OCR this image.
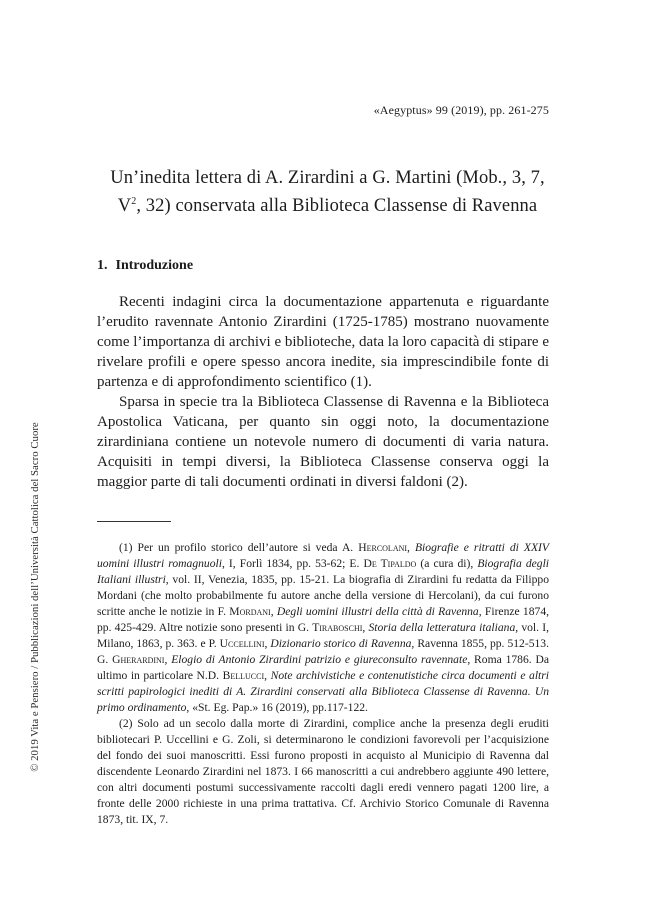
«Aegyptus» 99 (2019), pp. 261-275
Un’inedita lettera di A. Zirardini a G. Martini (Mob., 3, 7,
$V^2$, 32) conservata alla Biblioteca Classense di Ravenna
1. Introduzione

Recenti indagini circa la documentazione appartenuta e riguardante l’erudito ravennate Antonio Zirardini (1725-1785) mostrano nuovamente come l’importanza di archivi e biblioteche, data la loro capacità di stipare e rivelare profili e opere spesso ancora inedite, sia imprescindibile fonte di partenza e di approfondimento scientifico (1).

Sparsa in specie tra la Biblioteca Classense di Ravenna e la Biblioteca Apostolica Vaticana, per quanto sin oggi noto, la documentazione zirardiniana contiene un notevole numero di documenti di varia natura. Acquisiti in tempi diversi, la Biblioteca Classense conserva oggi la maggior parte di tali documenti ordinati in diversi faldoni (2).

(1) Per un profilo storico dell’autore si veda A. Hercolani, Biografie e ritratti di XXIV uomini illustri romagnuoli, I, Forlì 1834, pp. 53-62; E. De Tipaldo (a cura di), Biografia degli Italiani illustri, vol. II, Venezia, 1835, pp. 15-21. La biografia di Zirardini fu redatta da Filippo Mordani (che molto probabilmente fu autore anche della versione di Hercolani), da cui furono scritte anche le notizie in F. Mordani, Degli uomini illustri della città di Ravenna, Firenze 1874, pp. 425-429. Altre notizie sono presenti in G. Tiraboschi, Storia della letteratura italiana, vol. I, Milano, 1863, p. 363. e P. Uccellini, Dizionario storico di Ravenna, Ravenna 1855, pp. 512-513. G. Gherardini, Elogio di Antonio Zirardini patrizio e giureconsulto ravennate, Roma 1786. Da ultimo in particolare N.D. Bellucci, Note archivistiche e contenutistiche circa documenti e altri scritti papirologici inediti di A. Zirardini conservati alla Biblioteca Classense di Ravenna. Un primo ordinamento, «St. Eg. Pap.» 16 (2019), pp.117-122.

(2) Solo ad un secolo dalla morte di Zirardini, complice anche la presenza degli eruditi bibliotecari P. Uccellini e G. Zoli, si determinarono le condizioni favorevoli per l’acquisizione del fondo dei suoi manoscritti. Essi furono proposti in acquisto al Municipio di Ravenna dal discendente Leonardo Zirardini nel 1873. I 66 manoscritti a cui andrebbero aggiunte 490 lettere, con altri documenti postumi successivamente raccolti dagli eredi vennero pagati 1200 lire, a fronte delle 2000 richieste in una prima trattativa. Cf. Archivio Storico Comunale di Ravenna 1873, tit. IX, 7.

© 2019 Vita e Pensiero / Pubblicazioni dell’Università Cattolica del Sacro Cuore
